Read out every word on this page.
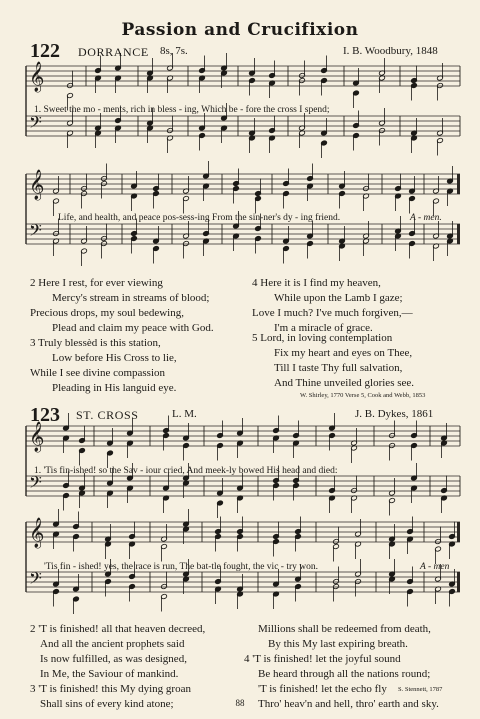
Passion and Crucifixion
122 DORRANCE 8s, 7s.	I. B. Woodbury, 1848
𝄞
𝄢
1. Sweet the mo - ments, rich in bless - ing, Which be - fore the cross I spend;
𝄞
𝄢
Life, and health, and peace pos-sess-ing From the sin-ner's dy - ing friend.	A - men.
2 Here I rest, for ever viewing
Mercy's stream in streams of blood;
Precious drops, my soul bedewing,
Plead and claim my peace with God.
3 Truly blessèd is this station,
Low before His Cross to lie,
While I see divine compassion
Pleading in His languid eye.
4 Here it is I find my heaven,
While upon the Lamb I gaze;
Love I much? I've much forgiven,—
I'm a miracle of grace.
5 Lord, in loving contemplation
Fix my heart and eyes on Thee,
Till I taste Thy full salvation,
And Thine unveiled glories see.
W. Shirley, 1770 Verse 5, Cook and Webb, 1853
123 ST. CROSS	L. M.	J. B. Dykes, 1861
𝄞
𝄢
1. 'Tis fin-ished! so the Sav - iour cried, And meek-ly bowed His head and died:
𝄞
𝄢
'Tis fin - ished! yes, the race is run, The bat-tle fought, the vic - try won.	A - men
2 'T is finished! all that heaven decreed,
And all the ancient prophets said
Is now fulfilled, as was designed,
In Me, the Saviour of mankind.
3 'T is finished! this My dying groan
Shall sins of every kind atone;
Millions shall be redeemed from death,
By this My last expiring breath.
4 'T is finished! let the joyful sound
Be heard through all the nations round;
'T is finished! let the echo fly
Thro' heav'n and hell, thro' earth and sky.
S. Stennett, 1787
88
